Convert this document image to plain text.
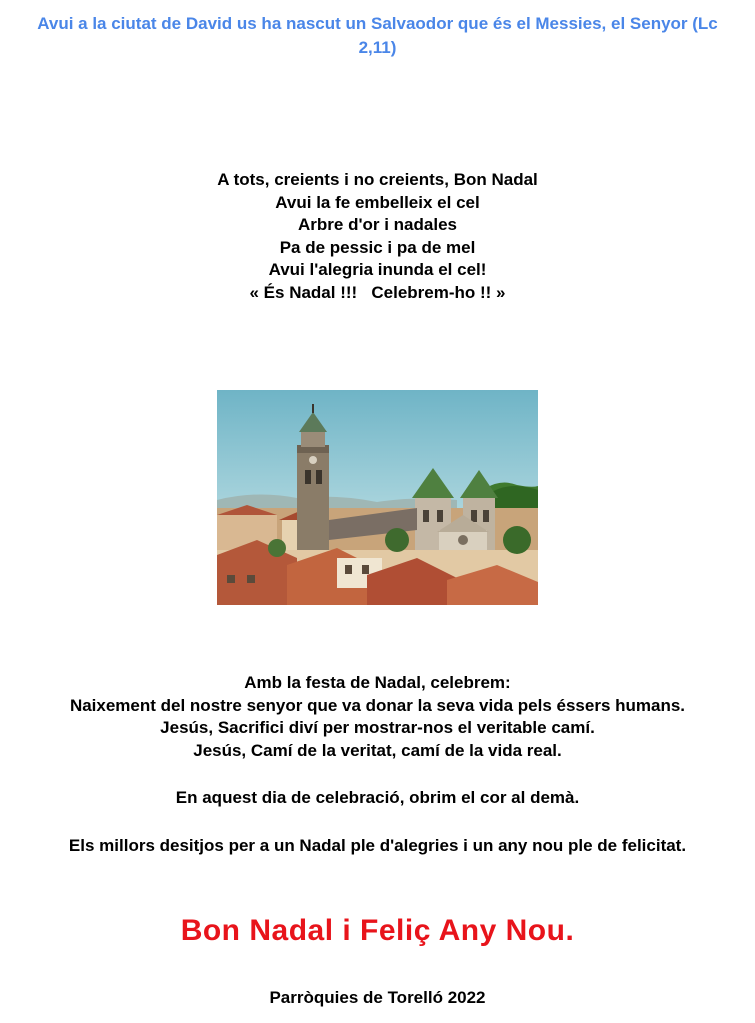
Avui a la ciutat de David us ha nascut un Salvaodor que és el Messies, el Senyor (Lc 2,11)
A tots, creients i no creients, Bon Nadal
Avui la fe embelleix el cel
Arbre d'or i nadales
Pa de pessic i pa de mel
Avui l'alegria inunda el cel!
« És Nadal !!!   Celebrem-ho !! »
Amb la festa de Nadal, celebrem:
Naixement del nostre senyor que va donar la seva vida pels éssers humans.
Jesús, Sacrifici diví per mostrar-nos el veritable camí.
Jesús, Camí de la veritat, camí de la vida real.
En aquest dia de celebració, obrim el cor al demà.
Els millors desitjos per a un Nadal ple d'alegries i un any nou ple de felicitat.
Bon Nadal i Feliç Any Nou.
Parròquies de Torelló 2022
